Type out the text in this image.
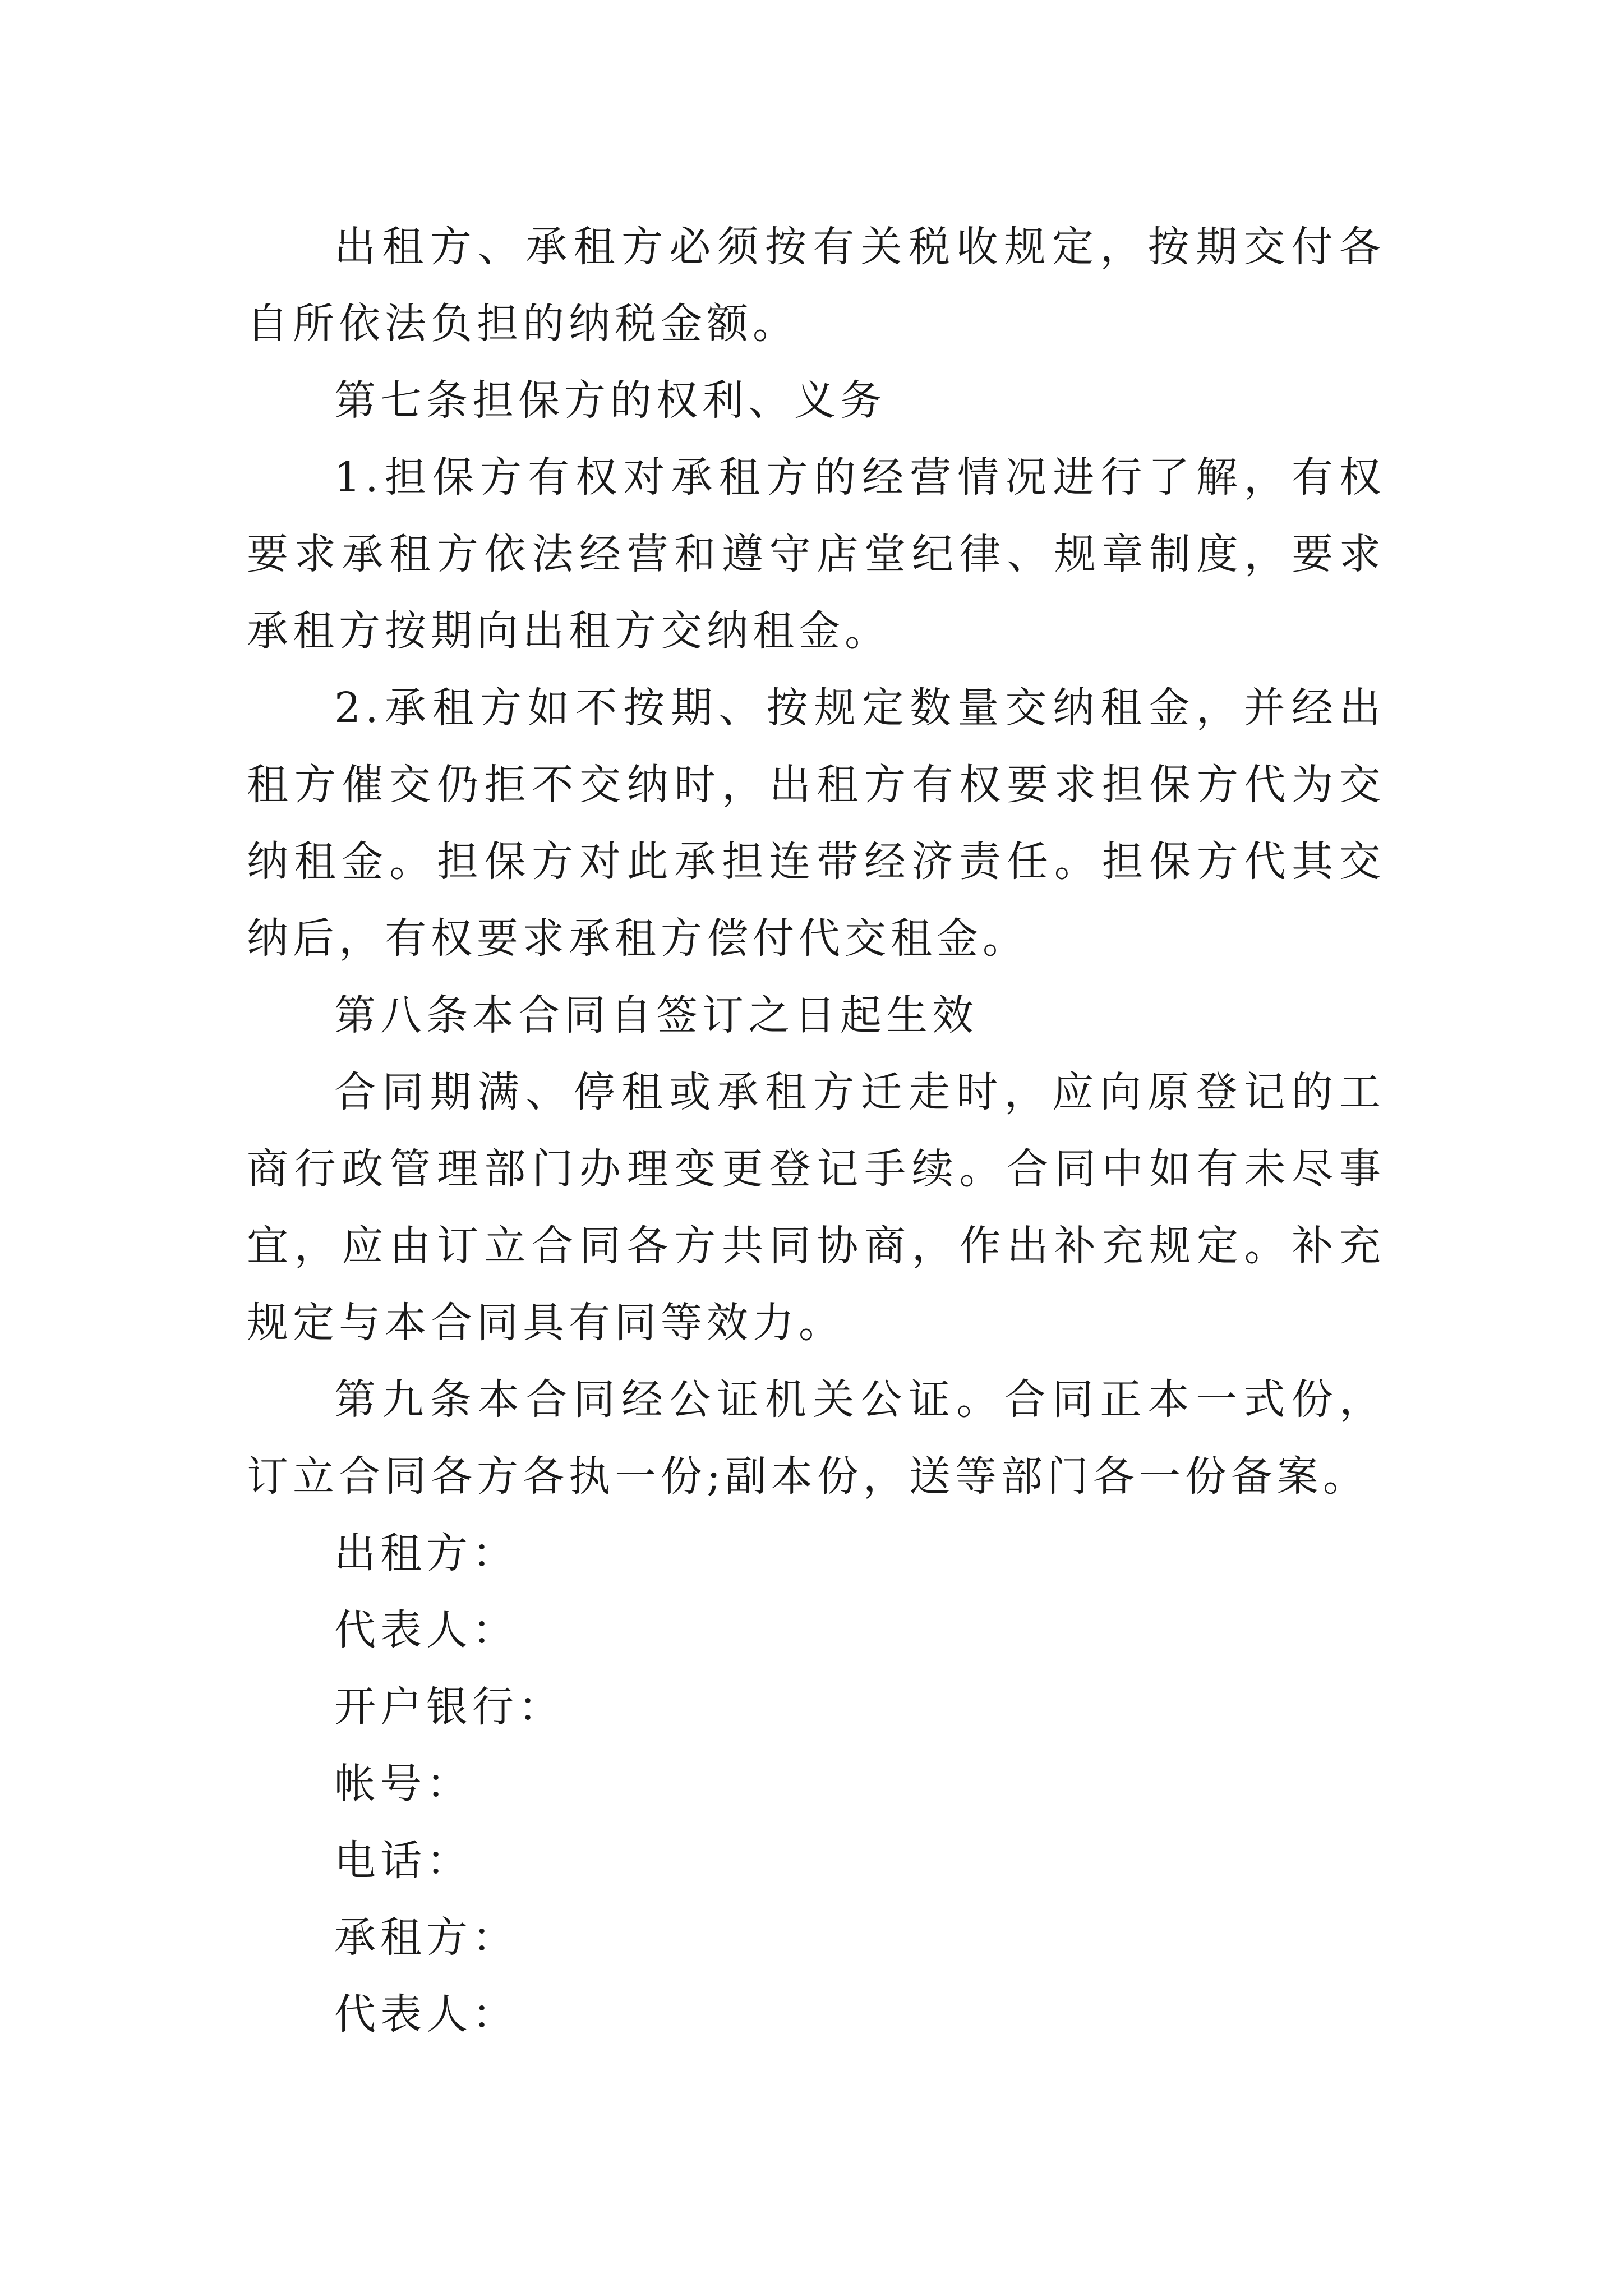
出租方、承租方必须按有关税收规定，按期交付各自所依法负担的纳税金额。

第七条担保方的权利、义务

1.担保方有权对承租方的经营情况进行了解，有权要求承租方依法经营和遵守店堂纪律、规章制度，要求承租方按期向出租方交纳租金。

2.承租方如不按期、按规定数量交纳租金，并经出租方催交仍拒不交纳时，出租方有权要求担保方代为交纳租金。担保方对此承担连带经济责任。担保方代其交纳后，有权要求承租方偿付代交租金。

第八条本合同自签订之日起生效

合同期满、停租或承租方迁走时，应向原登记的工商行政管理部门办理变更登记手续。合同中如有未尽事宜，应由订立合同各方共同协商，作出补充规定。补充规定与本合同具有同等效力。

第九条本合同经公证机关公证。合同正本一式份，订立合同各方各执一份;副本份，送等部门各一份备案。

出租方：

代表人：

开户银行：

帐号：

电话：

承租方：

代表人：
